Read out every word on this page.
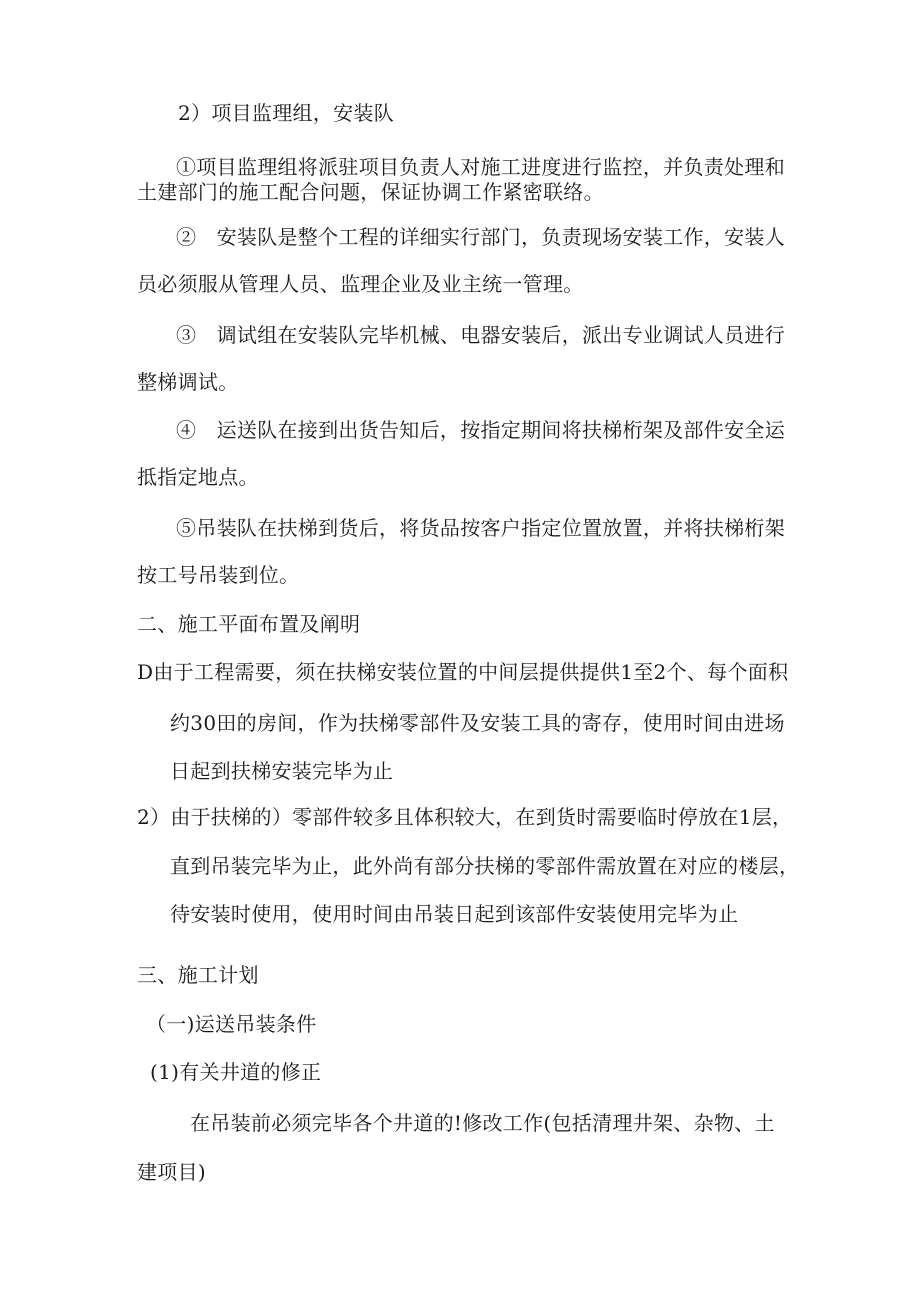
2）项目监理组，安装队
①项目监理组将派驻项目负责人对施工进度进行监控，并负责处理和
土建部门的施工配合问题，保证协调工作紧密联络。
②　安装队是整个工程的详细实行部门，负责现场安装工作，安装人
员必须服从管理人员、监理企业及业主统一管理。
③　调试组在安装队完毕机械、电器安装后，派出专业调试人员进行
整梯调试。
④　运送队在接到出货告知后，按指定期间将扶梯桁架及部件安全运
抵指定地点。
⑤吊装队在扶梯到货后，将货品按客户指定位置放置，并将扶梯桁架
按工号吊装到位。
二、施工平面布置及阐明
D由于工程需要，须在扶梯安装位置的中间层提供提供1至2个、每个面积
约30田的房间，作为扶梯零部件及安装工具的寄存，使用时间由进场
日起到扶梯安装完毕为止
2）由于扶梯的）零部件较多且体积较大，在到货时需要临时停放在1层，
直到吊装完毕为止，此外尚有部分扶梯的零部件需放置在对应的楼层，
待安装时使用，使用时间由吊装日起到该部件安装使用完毕为止
三、施工计划
（一)运送吊装条件
(1)有关井道的修正
在吊装前必须完毕各个井道的!修改工作(包括清理井架、杂物、土
建项目)
